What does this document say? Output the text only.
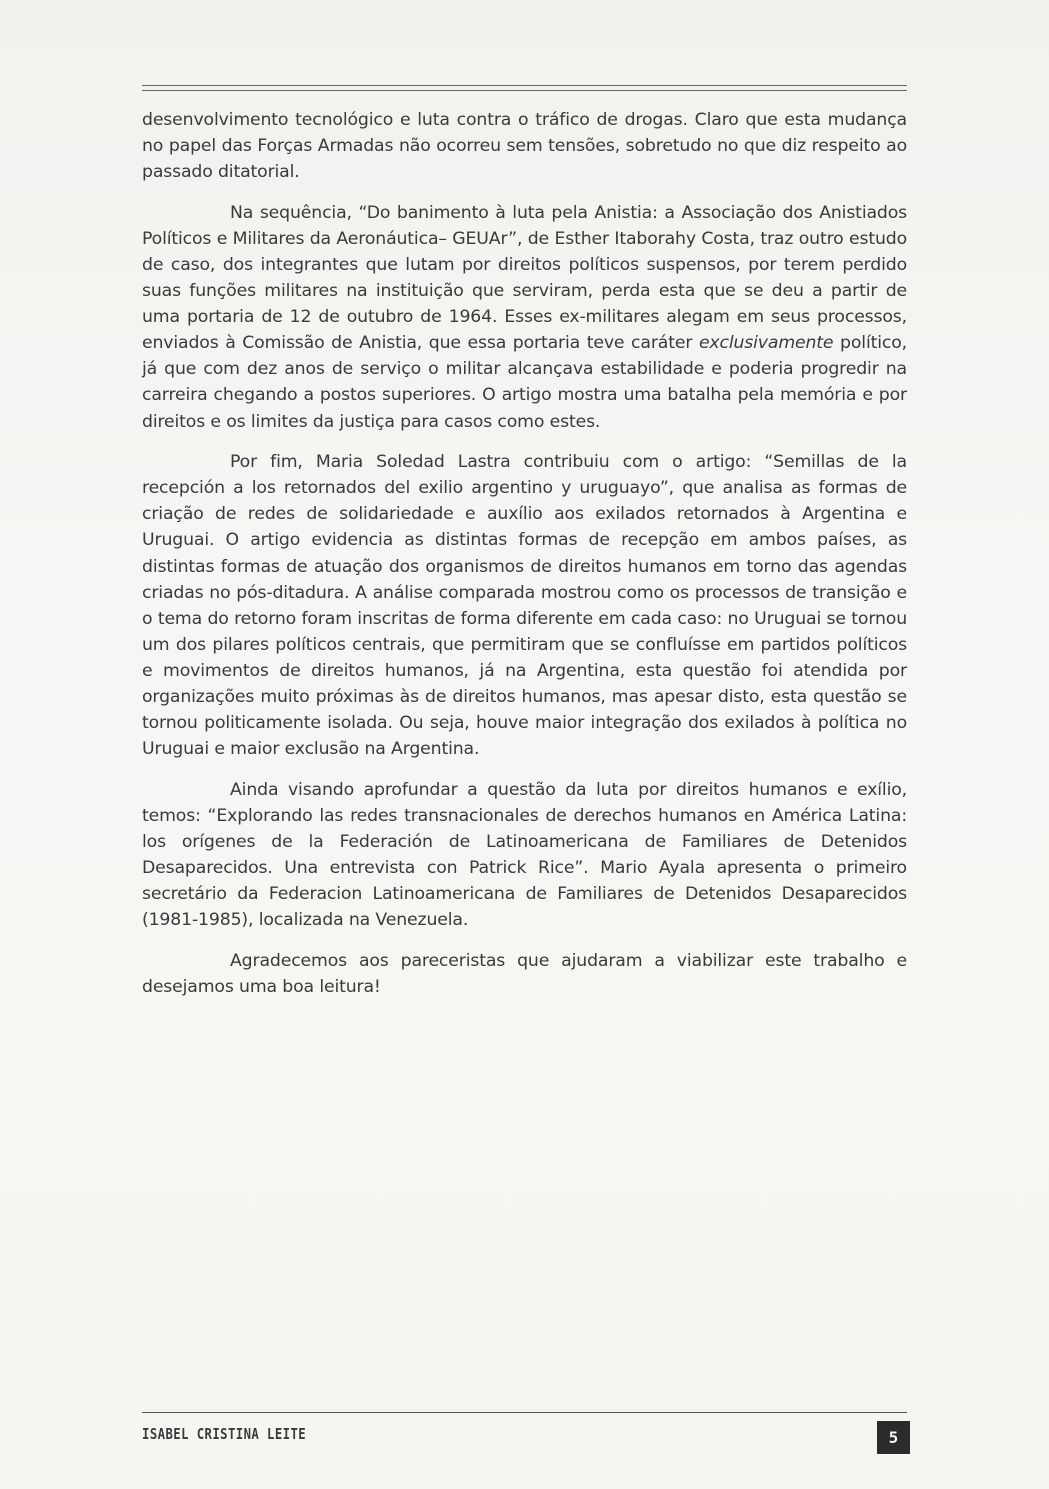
desenvolvimento tecnológico e luta contra o tráfico de drogas. Claro que esta mudança no papel das Forças Armadas não ocorreu sem tensões, sobretudo no que diz respeito ao passado ditatorial.

Na sequência, “Do banimento à luta pela Anistia: a Associação dos Anistiados Políticos e Militares da Aeronáutica– GEUAr”, de Esther Itaborahy Costa, traz outro estudo de caso, dos integrantes que lutam por direitos políticos suspensos, por terem perdido suas funções militares na instituição que serviram, perda esta que se deu a partir de uma portaria de 12 de outubro de 1964. Esses ex-militares alegam em seus processos, enviados à Comissão de Anistia, que essa portaria teve caráter exclusivamente político, já que com dez anos de serviço o militar alcançava estabilidade e poderia progredir na carreira chegando a postos superiores. O artigo mostra uma batalha pela memória e por direitos e os limites da justiça para casos como estes.

Por fim, Maria Soledad Lastra contribuiu com o artigo: “Semillas de la recepción a los retornados del exilio argentino y uruguayo”, que analisa as formas de criação de redes de solidariedade e auxílio aos exilados retornados à Argentina e Uruguai. O artigo evidencia as distintas formas de recepção em ambos países, as distintas formas de atuação dos organismos de direitos humanos em torno das agendas criadas no pós-ditadura. A análise comparada mostrou como os processos de transição e o tema do retorno foram inscritas de forma diferente em cada caso: no Uruguai se tornou um dos pilares políticos centrais, que permitiram que se confluísse em partidos políticos e movimentos de direitos humanos, já na Argentina, esta questão foi atendida por organizações muito próximas às de direitos humanos, mas apesar disto, esta questão se tornou politicamente isolada. Ou seja, houve maior integração dos exilados à política no Uruguai e maior exclusão na Argentina.

Ainda visando aprofundar a questão da luta por direitos humanos e exílio, temos: “Explorando las redes transnacionales de derechos humanos en América Latina: los orígenes de la Federación de Latinoamericana de Familiares de Detenidos Desaparecidos. Una entrevista con Patrick Rice”. Mario Ayala apresenta o primeiro secretário da Federacion Latinoamericana de Familiares de Detenidos Desaparecidos (1981-1985), localizada na Venezuela.

Agradecemos aos pareceristas que ajudaram a viabilizar este trabalho e desejamos uma boa leitura!

ISABEL CRISTINA LEITE	5
